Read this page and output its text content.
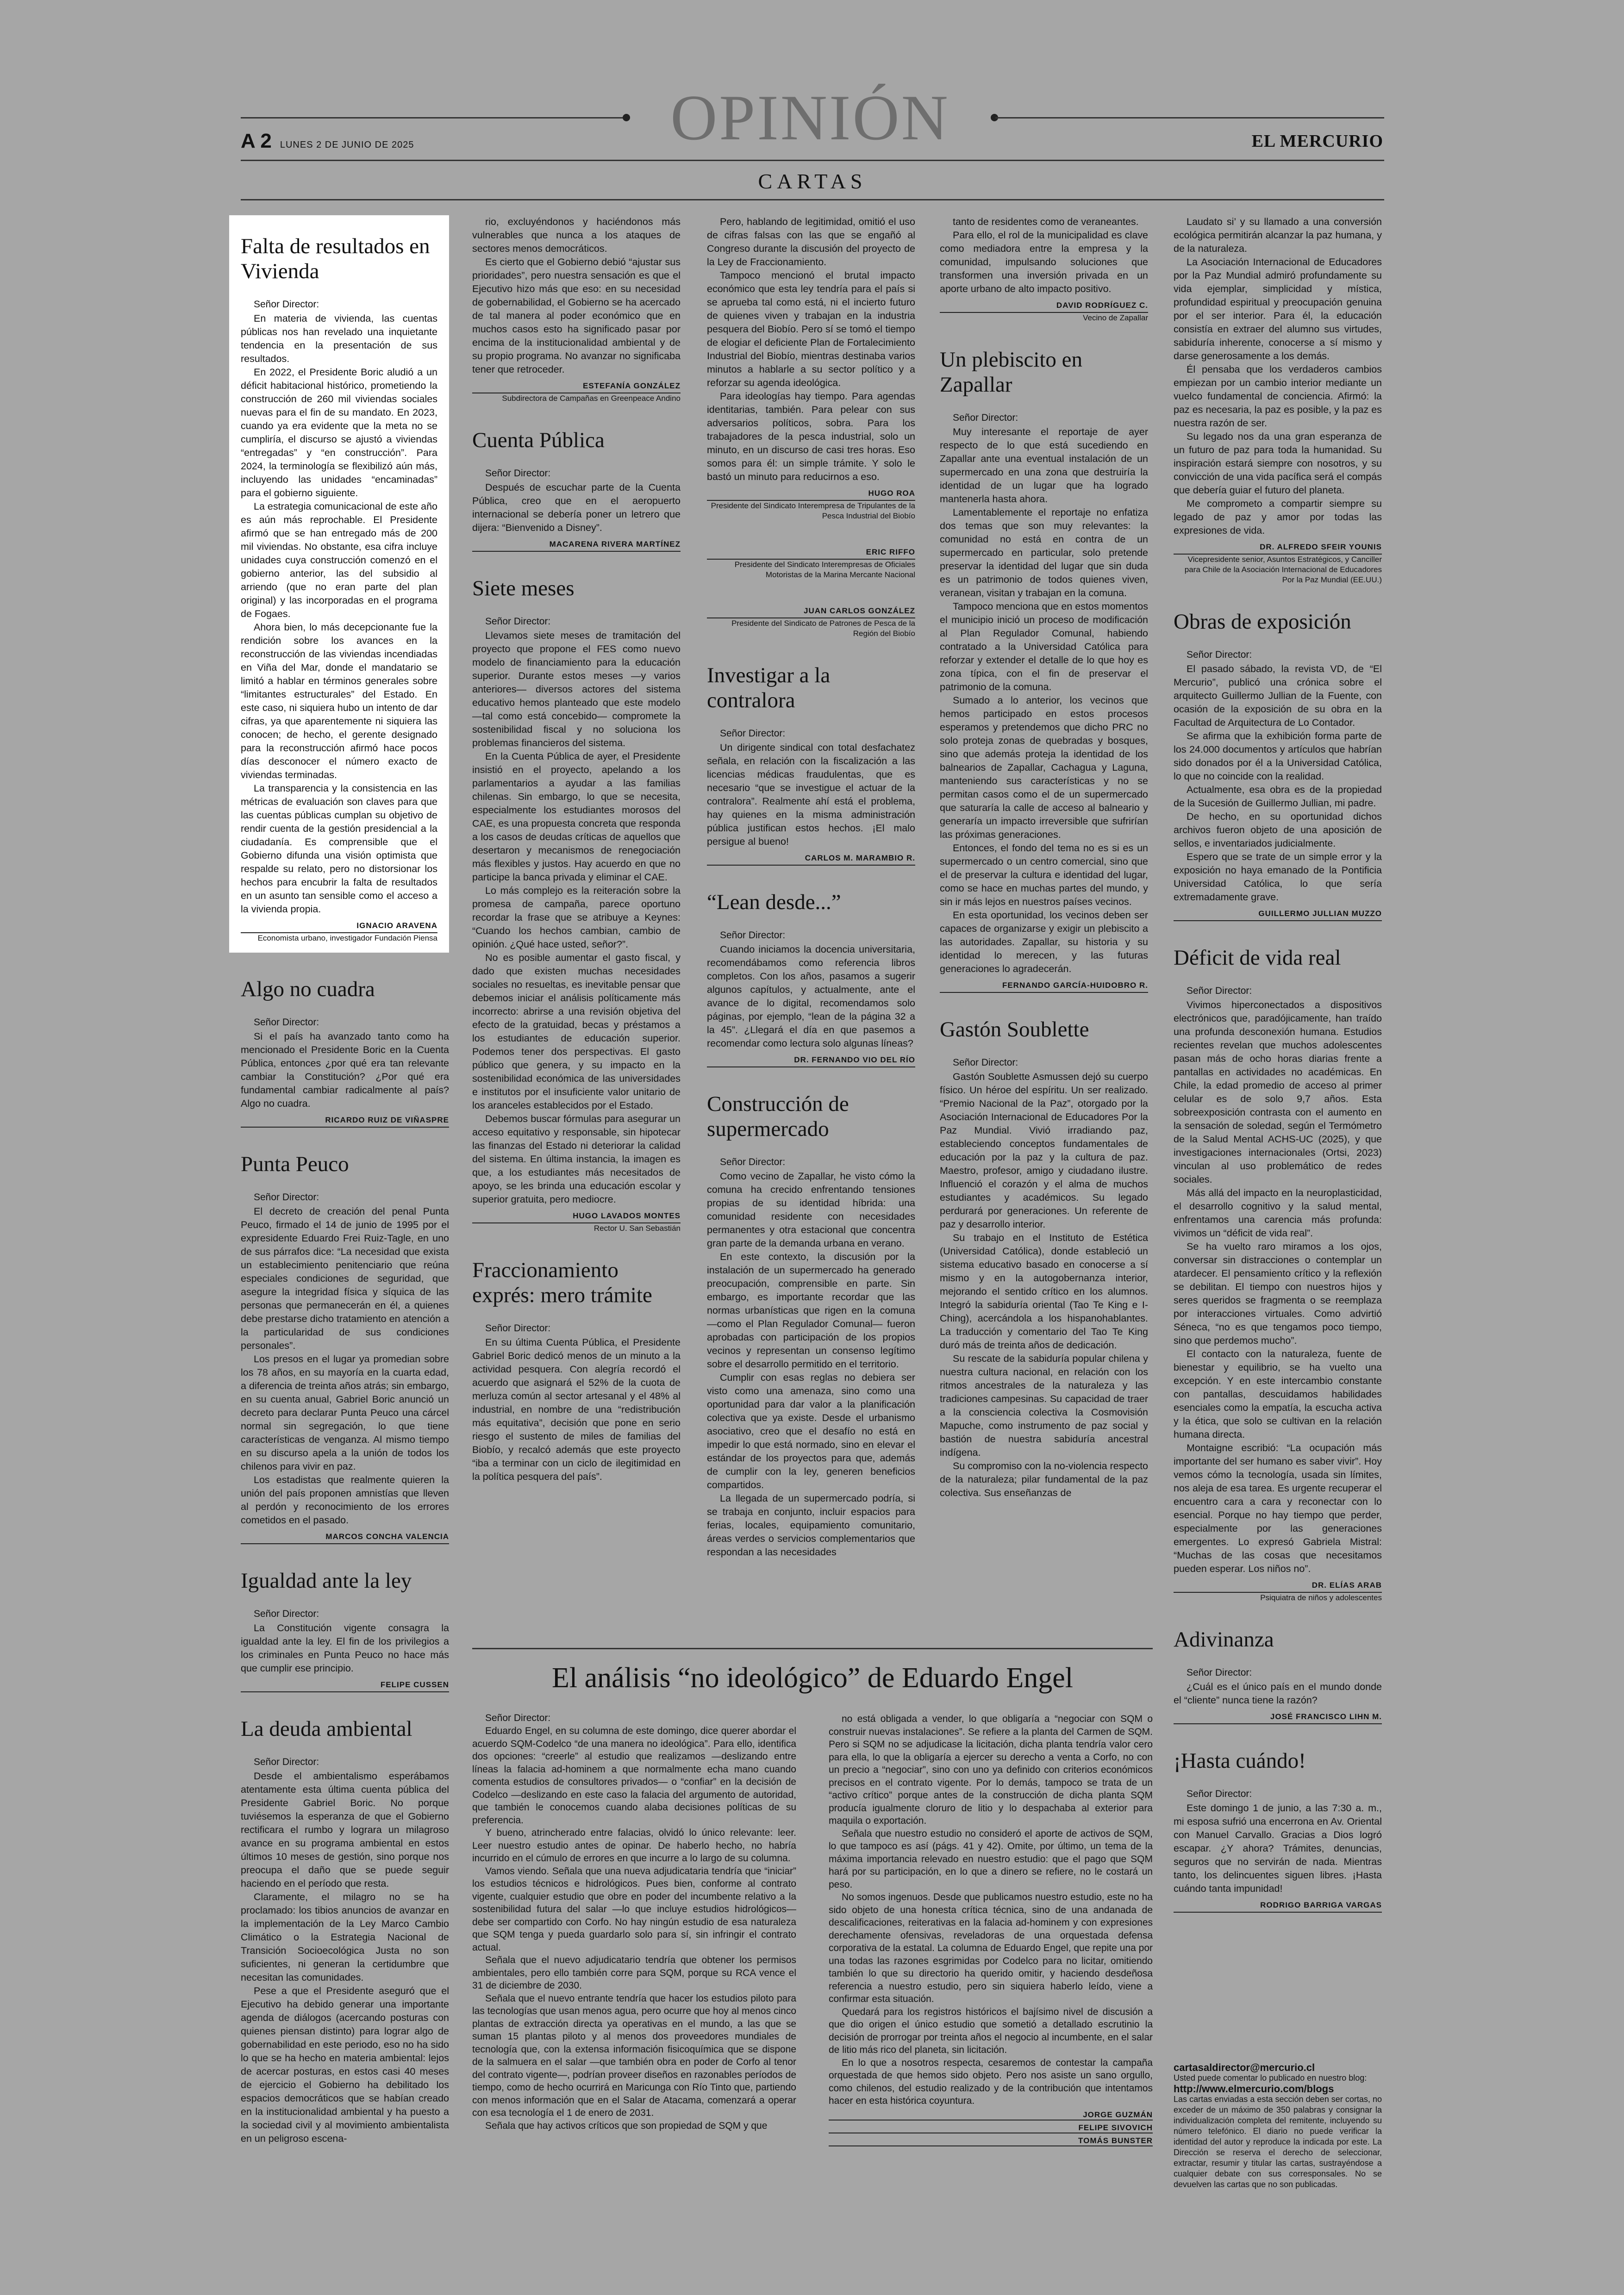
OPINIÓN
A 2 LUNES 2 DE JUNIO DE 2025	EL MERCURIO
CARTAS
Falta de resultados en Vivienda
Señor Director:

En materia de vivienda, las cuentas públicas nos han revelado una inquietante tendencia en la presentación de sus resultados.

En 2022, el Presidente Boric aludió a un déficit habitacional histórico, prometiendo la construcción de 260 mil viviendas sociales nuevas para el fin de su mandato. En 2023, cuando ya era evidente que la meta no se cumpliría, el discurso se ajustó a viviendas “entregadas” y “en construcción”. Para 2024, la terminología se flexibilizó aún más, incluyendo las unidades “encaminadas” para el gobierno siguiente.

La estrategia comunicacional de este año es aún más reprochable. El Presidente afirmó que se han entregado más de 200 mil viviendas. No obstante, esa cifra incluye unidades cuya construcción comenzó en el gobierno anterior, las del subsidio al arriendo (que no eran parte del plan original) y las incorporadas en el programa de Fogaes.

Ahora bien, lo más decepcionante fue la rendición sobre los avances en la reconstrucción de las viviendas incendiadas en Viña del Mar, donde el mandatario se limitó a hablar en términos generales sobre “limitantes estructurales” del Estado. En este caso, ni siquiera hubo un intento de dar cifras, ya que aparentemente ni siquiera las conocen; de hecho, el gerente designado para la reconstrucción afirmó hace pocos días desconocer el número exacto de viviendas terminadas.

La transparencia y la consistencia en las métricas de evaluación son claves para que las cuentas públicas cumplan su objetivo de rendir cuenta de la gestión presidencial a la ciudadanía. Es comprensible que el Gobierno difunda una visión optimista que respalde su relato, pero no distorsionar los hechos para encubrir la falta de resultados en un asunto tan sensible como el acceso a la vivienda propia.

IGNACIO ARAVENA
Economista urbano, investigador Fundación Piensa
Algo no cuadra
Señor Director:

Si el país ha avanzado tanto como ha mencionado el Presidente Boric en la Cuenta Pública, entonces ¿por qué era tan relevante cambiar la Constitución? ¿Por qué era fundamental cambiar radicalmente al país? Algo no cuadra.

RICARDO RUIZ DE VIÑASPRE
Punta Peuco
Señor Director:

El decreto de creación del penal Punta Peuco, firmado el 14 de junio de 1995 por el expresidente Eduardo Frei Ruiz-Tagle, en uno de sus párrafos dice: “La necesidad que exista un establecimiento penitenciario que reúna especiales condiciones de seguridad, que asegure la integridad física y síquica de las personas que permanecerán en él, a quienes debe prestarse dicho tratamiento en atención a la particularidad de sus condiciones personales”.

Los presos en el lugar ya promedian sobre los 78 años, en su mayoría en la cuarta edad, a diferencia de treinta años atrás; sin embargo, en su cuenta anual, Gabriel Boric anunció un decreto para declarar Punta Peuco una cárcel normal sin segregación, lo que tiene características de venganza. Al mismo tiempo en su discurso apela a la unión de todos los chilenos para vivir en paz.

Los estadistas que realmente quieren la unión del país proponen amnistías que lleven al perdón y reconocimiento de los errores cometidos en el pasado.

MARCOS CONCHA VALENCIA
Igualdad ante la ley
Señor Director:

La Constitución vigente consagra la igualdad ante la ley. El fin de los privilegios a los criminales en Punta Peuco no hace más que cumplir ese principio.

FELIPE CUSSEN
La deuda ambiental
Señor Director:

Desde el ambientalismo esperábamos atentamente esta última cuenta pública del Presidente Gabriel Boric. No porque tuviésemos la esperanza de que el Gobierno rectificara el rumbo y lograra un milagroso avance en su programa ambiental en estos últimos 10 meses de gestión, sino porque nos preocupa el daño que se puede seguir haciendo en el período que resta.

Claramente, el milagro no se ha proclamado: los tibios anuncios de avanzar en la implementación de la Ley Marco Cambio Climático o la Estrategia Nacional de Transición Socioecológica Justa no son suficientes, ni generan la certidumbre que necesitan las comunidades.

Pese a que el Presidente aseguró que el Ejecutivo ha debido generar una importante agenda de diálogos (acercando posturas con quienes piensan distinto) para lograr algo de gobernabilidad en este periodo, eso no ha sido lo que se ha hecho en materia ambiental: lejos de acercar posturas, en estos casi 40 meses de ejercicio el Gobierno ha debilitado los espacios democráticos que se habían creado en la institucionalidad ambiental y ha puesto a la sociedad civil y al movimiento ambientalista en un peligroso escena-

rio, excluyéndonos y haciéndonos más vulnerables que nunca a los ataques de sectores menos democráticos.

Es cierto que el Gobierno debió “ajustar sus prioridades”, pero nuestra sensación es que el Ejecutivo hizo más que eso: en su necesidad de gobernabilidad, el Gobierno se ha acercado de tal manera al poder económico que en muchos casos esto ha significado pasar por encima de la institucionalidad ambiental y de su propio programa. No avanzar no significaba tener que retroceder.

ESTEFANÍA GONZÁLEZ
Subdirectora de Campañas en Greenpeace Andino
Cuenta Pública
Señor Director:

Después de escuchar parte de la Cuenta Pública, creo que en el aeropuerto internacional se debería poner un letrero que dijera: “Bienvenido a Disney”.

MACARENA RIVERA MARTÍNEZ
Siete meses
Señor Director:

Llevamos siete meses de tramitación del proyecto que propone el FES como nuevo modelo de financiamiento para la educación superior. Durante estos meses —y varios anteriores— diversos actores del sistema educativo hemos planteado que este modelo —tal como está concebido— compromete la sostenibilidad fiscal y no soluciona los problemas financieros del sistema.

En la Cuenta Pública de ayer, el Presidente insistió en el proyecto, apelando a los parlamentarios a ayudar a las familias chilenas. Sin embargo, lo que se necesita, especialmente los estudiantes morosos del CAE, es una propuesta concreta que responda a los casos de deudas críticas de aquellos que desertaron y mecanismos de renegociación más flexibles y justos. Hay acuerdo en que no participe la banca privada y eliminar el CAE.

Lo más complejo es la reiteración sobre la promesa de campaña, parece oportuno recordar la frase que se atribuye a Keynes: “Cuando los hechos cambian, cambio de opinión. ¿Qué hace usted, señor?”.

No es posible aumentar el gasto fiscal, y dado que existen muchas necesidades sociales no resueltas, es inevitable pensar que debemos iniciar el análisis políticamente más incorrecto: abrirse a una revisión objetiva del efecto de la gratuidad, becas y préstamos a los estudiantes de educación superior. Podemos tener dos perspectivas. El gasto público que genera, y su impacto en la sostenibilidad económica de las universidades e institutos por el insuficiente valor unitario de los aranceles establecidos por el Estado.

Debemos buscar fórmulas para asegurar un acceso equitativo y responsable, sin hipotecar las finanzas del Estado ni deteriorar la calidad del sistema. En última instancia, la imagen es que, a los estudiantes más necesitados de apoyo, se les brinda una educación escolar y superior gratuita, pero mediocre.

HUGO LAVADOS MONTES
Rector U. San Sebastián
Fraccionamiento exprés: mero trámite
Señor Director:

En su última Cuenta Pública, el Presidente Gabriel Boric dedicó menos de un minuto a la actividad pesquera. Con alegría recordó el acuerdo que asignará el 52% de la cuota de merluza común al sector artesanal y el 48% al industrial, en nombre de una “redistribución más equitativa”, decisión que pone en serio riesgo el sustento de miles de familias del Biobío, y recalcó además que este proyecto “iba a terminar con un ciclo de ilegitimidad en la política pesquera del país”.

Pero, hablando de legitimidad, omitió el uso de cifras falsas con las que se engañó al Congreso durante la discusión del proyecto de la Ley de Fraccionamiento.

Tampoco mencionó el brutal impacto económico que esta ley tendría para el país si se aprueba tal como está, ni el incierto futuro de quienes viven y trabajan en la industria pesquera del Biobío. Pero sí se tomó el tiempo de elogiar el deficiente Plan de Fortalecimiento Industrial del Biobío, mientras destinaba varios minutos a hablarle a su sector político y a reforzar su agenda ideológica.

Para ideologías hay tiempo. Para agendas identitarias, también. Para pelear con sus adversarios políticos, sobra. Para los trabajadores de la pesca industrial, solo un minuto, en un discurso de casi tres horas. Eso somos para él: un simple trámite. Y solo le bastó un minuto para reducirnos a eso.

HUGO ROA
Presidente del Sindicato Interempresa de Tripulantes de la Pesca Industrial del Biobío
ERIC RIFFO
Presidente del Sindicato Interempresas de Oficiales Motoristas de la Marina Mercante Nacional
JUAN CARLOS GONZÁLEZ
Presidente del Sindicato de Patrones de Pesca de la Región del Biobío
Investigar a la contralora
Señor Director:

Un dirigente sindical con total desfachatez señala, en relación con la fiscalización a las licencias médicas fraudulentas, que es necesario “que se investigue el actuar de la contralora”. Realmente ahí está el problema, hay quienes en la misma administración pública justifican estos hechos. ¡El malo persigue al bueno!

CARLOS M. MARAMBIO R.
“Lean desde...”
Señor Director:

Cuando iniciamos la docencia universitaria, recomendábamos como referencia libros completos. Con los años, pasamos a sugerir algunos capítulos, y actualmente, ante el avance de lo digital, recomendamos solo páginas, por ejemplo, “lean de la página 32 a la 45”. ¿Llegará el día en que pasemos a recomendar como lectura solo algunas líneas?

DR. FERNANDO VIO DEL RÍO
Construcción de supermercado
Señor Director:

Como vecino de Zapallar, he visto cómo la comuna ha crecido enfrentando tensiones propias de su identidad híbrida: una comunidad residente con necesidades permanentes y otra estacional que concentra gran parte de la demanda urbana en verano.

En este contexto, la discusión por la instalación de un supermercado ha generado preocupación, comprensible en parte. Sin embargo, es importante recordar que las normas urbanísticas que rigen en la comuna —como el Plan Regulador Comunal— fueron aprobadas con participación de los propios vecinos y representan un consenso legítimo sobre el desarrollo permitido en el territorio.

Cumplir con esas reglas no debiera ser visto como una amenaza, sino como una oportunidad para dar valor a la planificación colectiva que ya existe. Desde el urbanismo asociativo, creo que el desafío no está en impedir lo que está normado, sino en elevar el estándar de los proyectos para que, además de cumplir con la ley, generen beneficios compartidos.

La llegada de un supermercado podría, si se trabaja en conjunto, incluir espacios para ferias, locales, equipamiento comunitario, áreas verdes o servicios complementarios que respondan a las necesidades

tanto de residentes como de veraneantes.

Para ello, el rol de la municipalidad es clave como mediadora entre la empresa y la comunidad, impulsando soluciones que transformen una inversión privada en un aporte urbano de alto impacto positivo.

DAVID RODRÍGUEZ C.
Vecino de Zapallar
Un plebiscito en Zapallar
Señor Director:

Muy interesante el reportaje de ayer respecto de lo que está sucediendo en Zapallar ante una eventual instalación de un supermercado en una zona que destruiría la identidad de un lugar que ha logrado mantenerla hasta ahora.

Lamentablemente el reportaje no enfatiza dos temas que son muy relevantes: la comunidad no está en contra de un supermercado en particular, solo pretende preservar la identidad del lugar que sin duda es un patrimonio de todos quienes viven, veranean, visitan y trabajan en la comuna.

Tampoco menciona que en estos momentos el municipio inició un proceso de modificación al Plan Regulador Comunal, habiendo contratado a la Universidad Católica para reforzar y extender el detalle de lo que hoy es zona típica, con el fin de preservar el patrimonio de la comuna.

Sumado a lo anterior, los vecinos que hemos participado en estos procesos esperamos y pretendemos que dicho PRC no solo proteja zonas de quebradas y bosques, sino que además proteja la identidad de los balnearios de Zapallar, Cachagua y Laguna, manteniendo sus características y no se permitan casos como el de un supermercado que saturaría la calle de acceso al balneario y generaría un impacto irreversible que sufrirían las próximas generaciones.

Entonces, el fondo del tema no es si es un supermercado o un centro comercial, sino que el de preservar la cultura e identidad del lugar, como se hace en muchas partes del mundo, y sin ir más lejos en nuestros países vecinos.

En esta oportunidad, los vecinos deben ser capaces de organizarse y exigir un plebiscito a las autoridades. Zapallar, su historia y su identidad lo merecen, y las futuras generaciones lo agradecerán.

FERNANDO GARCÍA-HUIDOBRO R.
Gastón Soublette
Señor Director:

Gastón Soublette Asmussen dejó su cuerpo físico. Un héroe del espíritu. Un ser realizado. “Premio Nacional de la Paz”, otorgado por la Asociación Internacional de Educadores Por la Paz Mundial. Vivió irradiando paz, estableciendo conceptos fundamentales de educación por la paz y la cultura de paz. Maestro, profesor, amigo y ciudadano ilustre. Influenció el corazón y el alma de muchos estudiantes y académicos. Su legado perdurará por generaciones. Un referente de paz y desarrollo interior.

Su trabajo en el Instituto de Estética (Universidad Católica), donde estableció un sistema educativo basado en conocerse a sí mismo y en la autogobernanza interior, mejorando el sentido crítico en los alumnos. Integró la sabiduría oriental (Tao Te King e I-Ching), acercándola a los hispanohablantes. La traducción y comentario del Tao Te King duró más de treinta años de dedicación.

Su rescate de la sabiduría popular chilena y nuestra cultura nacional, en relación con los ritmos ancestrales de la naturaleza y las tradiciones campesinas. Su capacidad de traer a la consciencia colectiva la Cosmovisión Mapuche, como instrumento de paz social y bastión de nuestra sabiduría ancestral indígena.

Su compromiso con la no-violencia respecto de la naturaleza; pilar fundamental de la paz colectiva. Sus enseñanzas de

Laudato si’ y su llamado a una conversión ecológica permitirán alcanzar la paz humana, y de la naturaleza.

La Asociación Internacional de Educadores por la Paz Mundial admiró profundamente su vida ejemplar, simplicidad y mística, profundidad espiritual y preocupación genuina por el ser interior. Para él, la educación consistía en extraer del alumno sus virtudes, sabiduría inherente, conocerse a sí mismo y darse generosamente a los demás.

Él pensaba que los verdaderos cambios empiezan por un cambio interior mediante un vuelco fundamental de conciencia. Afirmó: la paz es necesaria, la paz es posible, y la paz es nuestra razón de ser.

Su legado nos da una gran esperanza de un futuro de paz para toda la humanidad. Su inspiración estará siempre con nosotros, y su convicción de una vida pacífica será el compás que debería guiar el futuro del planeta.

Me comprometo a compartir siempre su legado de paz y amor por todas las expresiones de vida.

DR. ALFREDO SFEIR YOUNIS
Vicepresidente senior, Asuntos Estratégicos, y Canciller para Chile de la Asociación Internacional de Educadores Por la Paz Mundial (EE.UU.)
Obras de exposición
Señor Director:

El pasado sábado, la revista VD, de “El Mercurio”, publicó una crónica sobre el arquitecto Guillermo Jullian de la Fuente, con ocasión de la exposición de su obra en la Facultad de Arquitectura de Lo Contador.

Se afirma que la exhibición forma parte de los 24.000 documentos y artículos que habrían sido donados por él a la Universidad Católica, lo que no coincide con la realidad.

Actualmente, esa obra es de la propiedad de la Sucesión de Guillermo Jullian, mi padre.

De hecho, en su oportunidad dichos archivos fueron objeto de una aposición de sellos, e inventariados judicialmente.

Espero que se trate de un simple error y la exposición no haya emanado de la Pontificia Universidad Católica, lo que sería extremadamente grave.

GUILLERMO JULLIAN MUZZO
Déficit de vida real
Señor Director:

Vivimos hiperconectados a dispositivos electrónicos que, paradójicamente, han traído una profunda desconexión humana. Estudios recientes revelan que muchos adolescentes pasan más de ocho horas diarias frente a pantallas en actividades no académicas. En Chile, la edad promedio de acceso al primer celular es de solo 9,7 años. Esta sobreexposición contrasta con el aumento en la sensación de soledad, según el Termómetro de la Salud Mental ACHS-UC (2025), y que investigaciones internacionales (Ortsi, 2023) vinculan al uso problemático de redes sociales.

Más allá del impacto en la neuroplasticidad, el desarrollo cognitivo y la salud mental, enfrentamos una carencia más profunda: vivimos un “déficit de vida real”.

Se ha vuelto raro miramos a los ojos, conversar sin distracciones o contemplar un atardecer. El pensamiento crítico y la reflexión se debilitan. El tiempo con nuestros hijos y seres queridos se fragmenta o se reemplaza por interacciones virtuales. Como advirtió Séneca, “no es que tengamos poco tiempo, sino que perdemos mucho”.

El contacto con la naturaleza, fuente de bienestar y equilibrio, se ha vuelto una excepción. Y en este intercambio constante con pantallas, descuidamos habilidades esenciales como la empatía, la escucha activa y la ética, que solo se cultivan en la relación humana directa.

Montaigne escribió: “La ocupación más importante del ser humano es saber vivir”. Hoy vemos cómo la tecnología, usada sin límites, nos aleja de esa tarea. Es urgente recuperar el encuentro cara a cara y reconectar con lo esencial. Porque no hay tiempo que perder, especialmente por las generaciones emergentes. Lo expresó Gabriela Mistral: “Muchas de las cosas que necesitamos pueden esperar. Los niños no”.

DR. ELÍAS ARAB
Psiquiatra de niños y adolescentes
Adivinanza
Señor Director:

¿Cuál es el único país en el mundo donde el “cliente” nunca tiene la razón?

JOSÉ FRANCISCO LIHN M.
¡Hasta cuándo!
Señor Director:

Este domingo 1 de junio, a las 7:30 a. m., mi esposa sufrió una encerrona en Av. Oriental con Manuel Carvallo. Gracias a Dios logró escapar. ¿Y ahora? Trámites, denuncias, seguros que no servirán de nada. Mientras tanto, los delincuentes siguen libres. ¡Hasta cuándo tanta impunidad!

RODRIGO BARRIGA VARGAS
El análisis “no ideológico” de Eduardo Engel
Señor Director:

Eduardo Engel, en su columna de este domingo, dice querer abordar el acuerdo SQM-Codelco “de una manera no ideológica”. Para ello, identifica dos opciones: “creerle” al estudio que realizamos —deslizando entre líneas la falacia ad-hominem a que normalmente echa mano cuando comenta estudios de consultores privados— o “confiar” en la decisión de Codelco —deslizando en este caso la falacia del argumento de autoridad, que también le conocemos cuando alaba decisiones políticas de su preferencia.

Y bueno, atrincherado entre falacias, olvidó lo único relevante: leer. Leer nuestro estudio antes de opinar. De haberlo hecho, no habría incurrido en el cúmulo de errores en que incurre a lo largo de su columna.

Vamos viendo. Señala que una nueva adjudicataria tendría que “iniciar” los estudios técnicos e hidrológicos. Pues bien, conforme al contrato vigente, cualquier estudio que obre en poder del incumbente relativo a la sostenibilidad futura del salar —lo que incluye estudios hidrológicos— debe ser compartido con Corfo. No hay ningún estudio de esa naturaleza que SQM tenga y pueda guardarlo solo para sí, sin infringir el contrato actual.

Señala que el nuevo adjudicatario tendría que obtener los permisos ambientales, pero ello también corre para SQM, porque su RCA vence el 31 de diciembre de 2030.

Señala que el nuevo entrante tendría que hacer los estudios piloto para las tecnologías que usan menos agua, pero ocurre que hoy al menos cinco plantas de extracción directa ya operativas en el mundo, a las que se suman 15 plantas piloto y al menos dos proveedores mundiales de tecnología que, con la extensa información fisicoquímica que se dispone de la salmuera en el salar —que también obra en poder de Corfo al tenor del contrato vigente—, podrían proveer diseños en razonables períodos de tiempo, como de hecho ocurrirá en Maricunga con Río Tinto que, partiendo con menos información que en el Salar de Atacama, comenzará a operar con esa tecnología el 1 de enero de 2031.

Señala que hay activos críticos que son propiedad de SQM y que

no está obligada a vender, lo que obligaría a “negociar con SQM o construir nuevas instalaciones”. Se refiere a la planta del Carmen de SQM. Pero si SQM no se adjudicase la licitación, dicha planta tendría valor cero para ella, lo que la obligaría a ejercer su derecho a venta a Corfo, no con un precio a “negociar”, sino con uno ya definido con criterios económicos precisos en el contrato vigente. Por lo demás, tampoco se trata de un “activo crítico” porque antes de la construcción de dicha planta SQM producía igualmente cloruro de litio y lo despachaba al exterior para maquila o exportación.

Señala que nuestro estudio no consideró el aporte de activos de SQM, lo que tampoco es así (págs. 41 y 42). Omite, por último, un tema de la máxima importancia relevado en nuestro estudio: que el pago que SQM hará por su participación, en lo que a dinero se refiere, no le costará un peso.

No somos ingenuos. Desde que publicamos nuestro estudio, este no ha sido objeto de una honesta crítica técnica, sino de una andanada de descalificaciones, reiterativas en la falacia ad-hominem y con expresiones derechamente ofensivas, reveladoras de una orquestada defensa corporativa de la estatal. La columna de Eduardo Engel, que repite una por una todas las razones esgrimidas por Codelco para no licitar, omitiendo también lo que su directorio ha querido omitir, y haciendo desdeñosa referencia a nuestro estudio, pero sin siquiera haberlo leído, viene a confirmar esta situación.

Quedará para los registros históricos el bajísimo nivel de discusión a que dio origen el único estudio que sometió a detallado escrutinio la decisión de prorrogar por treinta años el negocio al incumbente, en el salar de litio más rico del planeta, sin licitación.

En lo que a nosotros respecta, cesaremos de contestar la campaña orquestada de que hemos sido objeto. Pero nos asiste un sano orgullo, como chilenos, del estudio realizado y de la contribución que intentamos hacer en esta histórica coyuntura.

JORGE GUZMÁN
FELIPE SIVOVICH
TOMÁS BUNSTER
cartasaldirector@mercurio.cl
Usted puede comentar lo publicado en nuestro blog:
http://www.elmercurio.com/blogs
Las cartas enviadas a esta sección deben ser cortas, no exceder de un máximo de 350 palabras y consignar la individualización completa del remitente, incluyendo su número telefónico. El diario no puede verificar la identidad del autor y reproduce la indicada por este. La Dirección se reserva el derecho de seleccionar, extractar, resumir y titular las cartas, sustrayéndose a cualquier debate con sus corresponsales. No se devuelven las cartas que no son publicadas.
